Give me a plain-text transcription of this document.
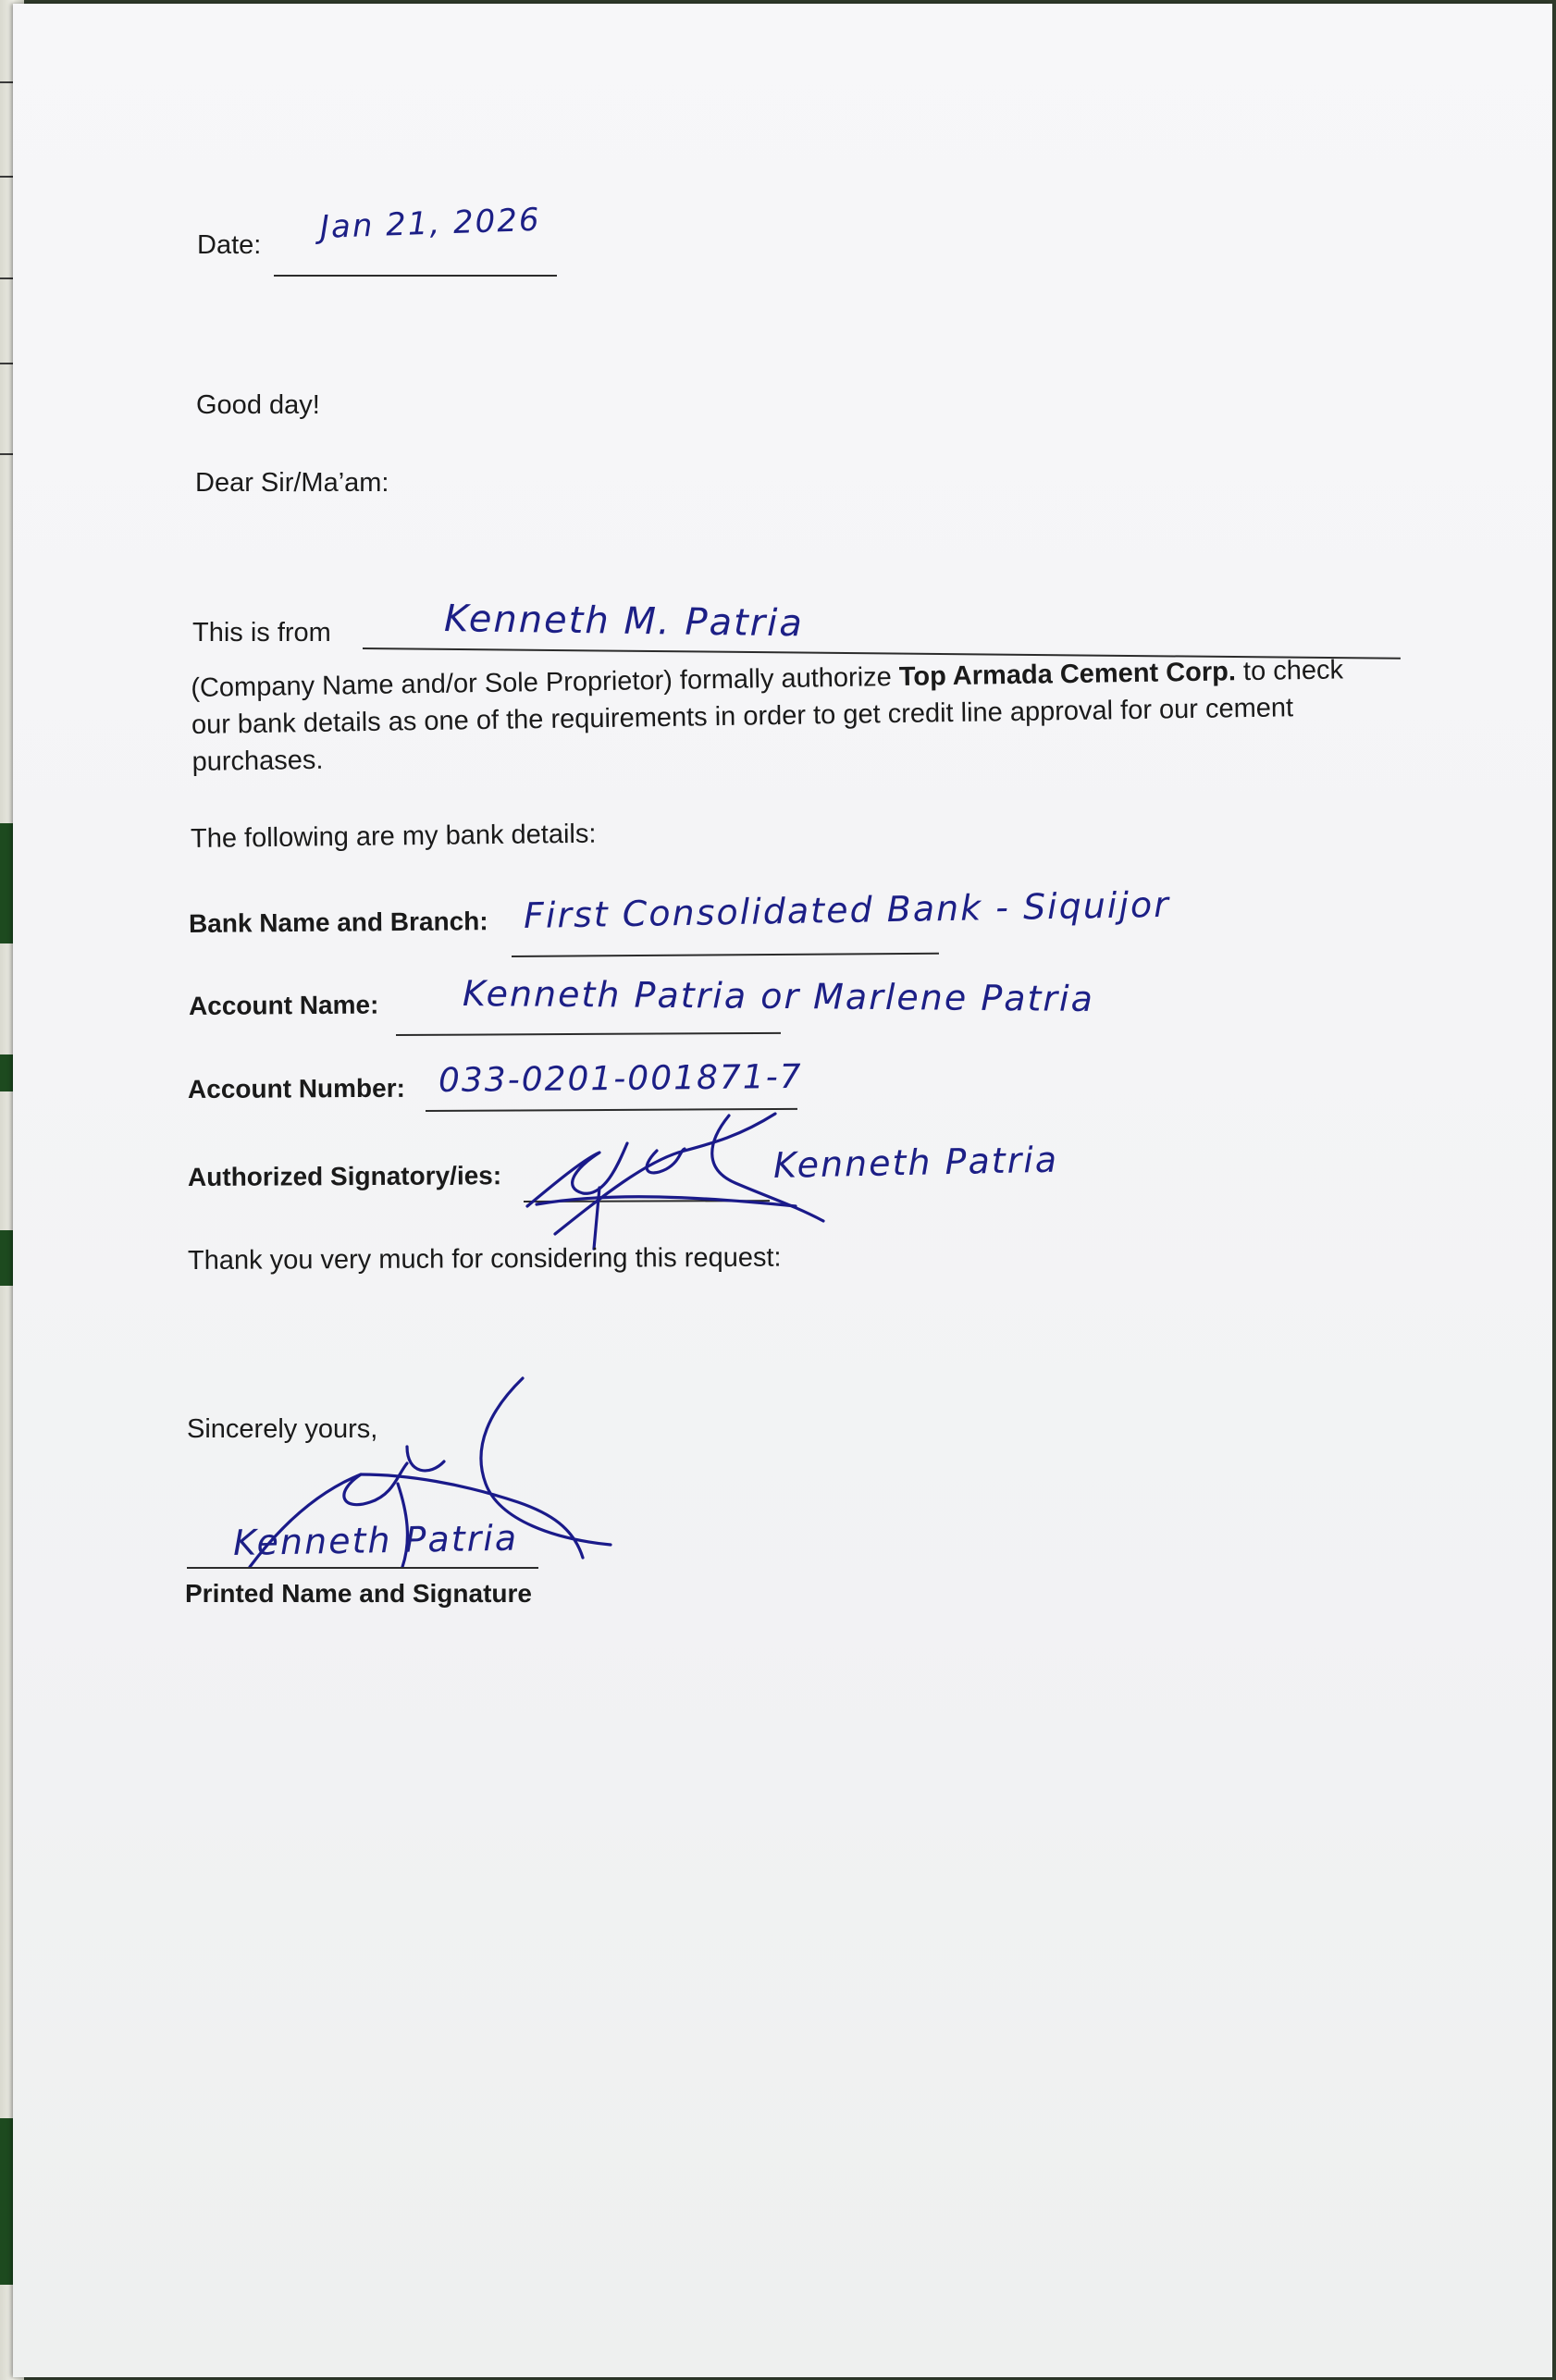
Date: Jan 21, 2026
Good day!
Dear Sir/Ma’am:
This is from	Kenneth M. Patria
(Company Name and/or Sole Proprietor) formally authorize Top Armada Cement Corp. to check
our bank details as one of the requirements in order to get credit line approval for our cement
purchases.
The following are my bank details:
Bank Name and Branch: First Consolidated Bank - Siquijor
Account Name: Kenneth Patria or Marlene Patria
Account Number: 033-0201-001871-7
Authorized Signatory/ies:	Kenneth Patria
Thank you very much for considering this request:
Sincerely yours,
Kenneth Patria
Printed Name and Signature
